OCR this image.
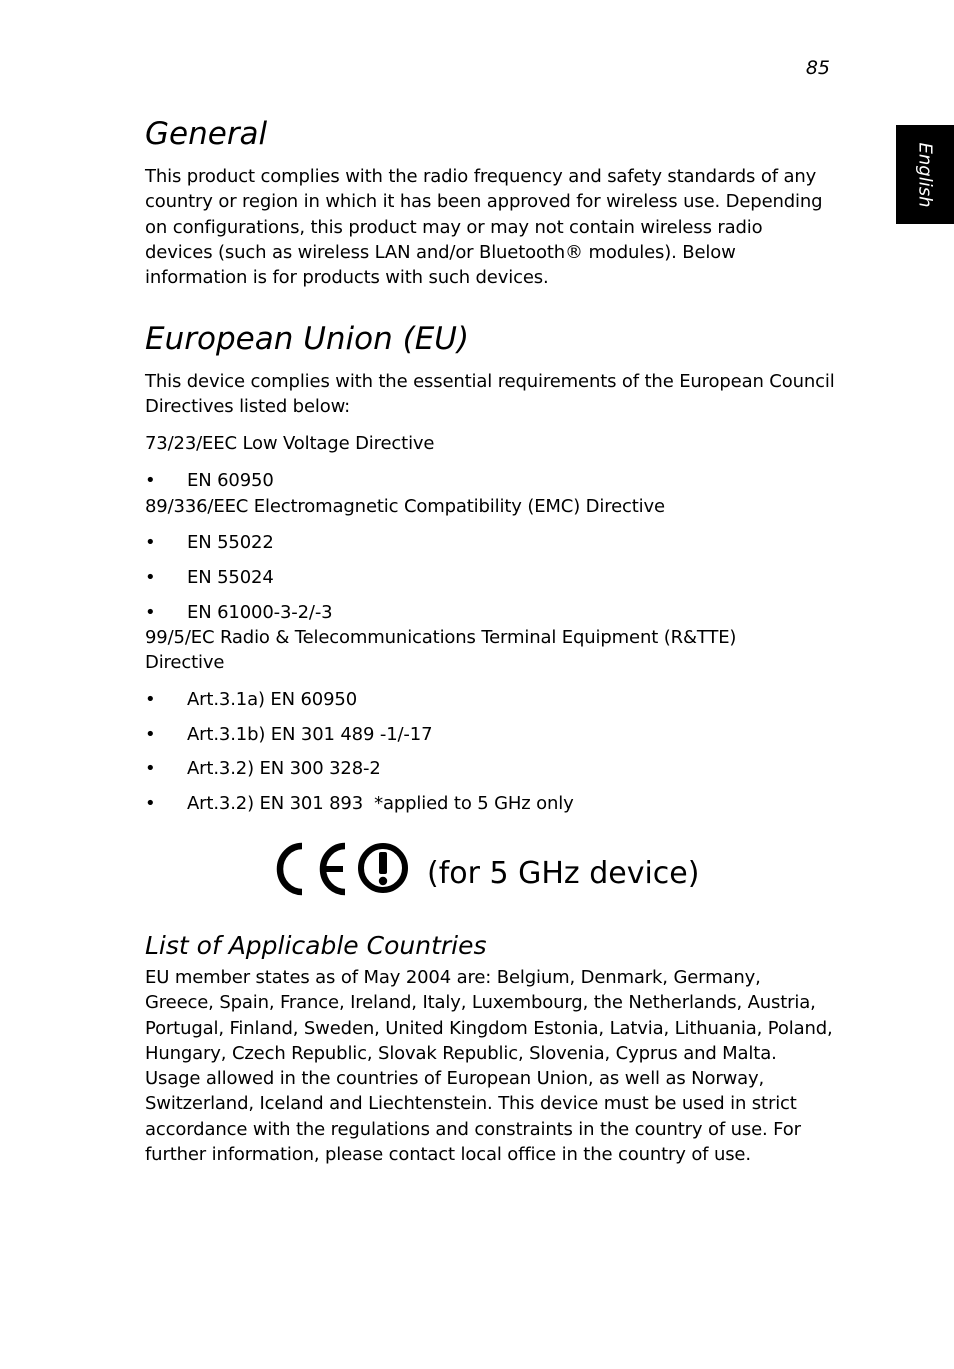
85
English
General
This product complies with the radio frequency and safety standards of any country or region in which it has been approved for wireless use. Depending on configurations, this product may or may not contain wireless radio devices (such as wireless LAN and/or Bluetooth® modules). Below information is for products with such devices.
European Union (EU)
This device complies with the essential requirements of the European Council Directives listed below:
73/23/EEC Low Voltage Directive
• EN 60950
89/336/EEC Electromagnetic Compatibility (EMC) Directive
• EN 55022
• EN 55024
• EN 61000-3-2/-3
99/5/EC Radio & Telecommunications Terminal Equipment (R&TTE) Directive
• Art.3.1a) EN 60950
• Art.3.1b) EN 301 489 -1/-17
• Art.3.2) EN 300 328-2
• Art.3.2) EN 301 893  *applied to 5 GHz only
List of Applicable Countries
EU member states as of May 2004 are: Belgium, Denmark, Germany, Greece, Spain, France, Ireland, Italy, Luxembourg, the Netherlands, Austria, Portugal, Finland, Sweden, United Kingdom Estonia, Latvia, Lithuania, Poland, Hungary, Czech Republic, Slovak Republic, Slovenia, Cyprus and Malta. Usage allowed in the countries of European Union, as well as Norway, Switzerland, Iceland and Liechtenstein. This device must be used in strict accordance with the regulations and constraints in the country of use. For further information, please contact local office in the country of use.
(for 5 GHz device)
